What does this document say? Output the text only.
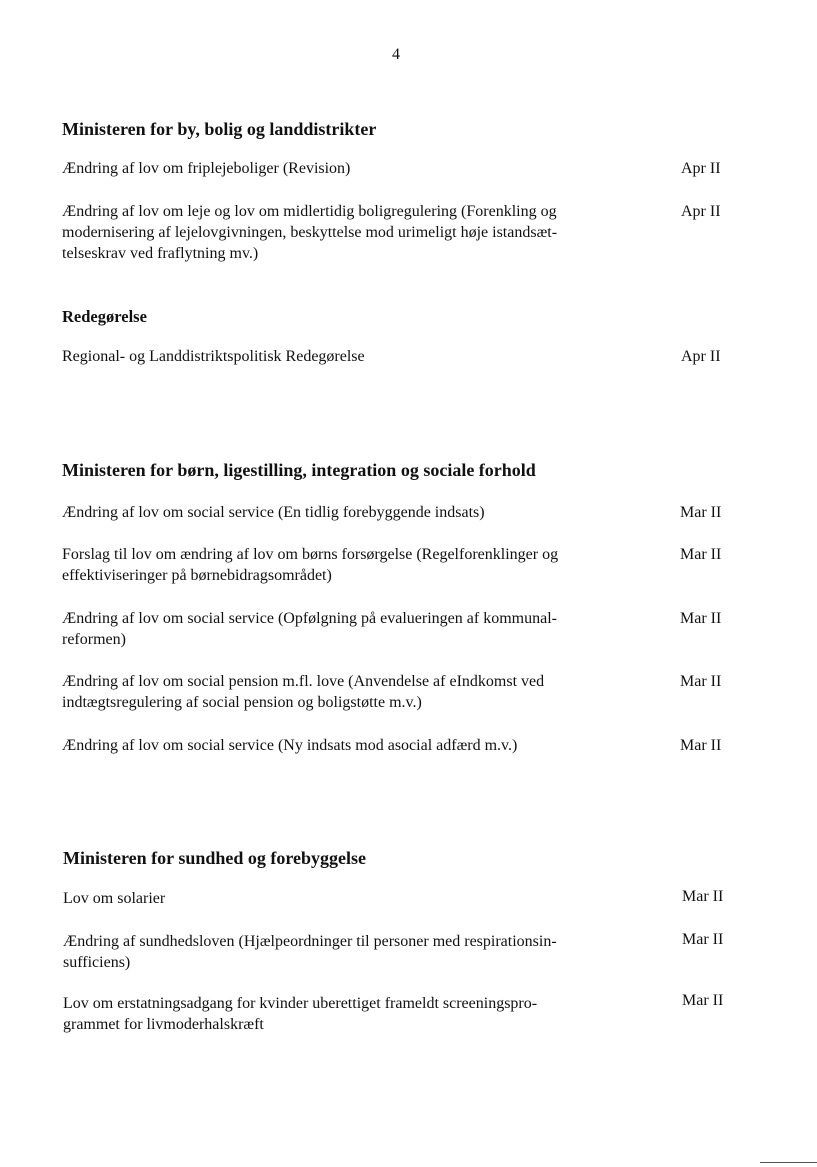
4
Ministeren for by, bolig og landdistrikter
Ændring af lov om friplejeboliger (Revision)	Apr II
Ændring af lov om leje og lov om midlertidig boligregulering (Forenkling og
modernisering af lejelovgivningen, beskyttelse mod urimeligt høje istandsæt-
telseskrav ved fraflytning mv.)
Apr II
Redegørelse
Regional- og Landdistriktspolitisk Redegørelse	Apr II
Ministeren for børn, ligestilling, integration og sociale forhold
Ændring af lov om social service (En tidlig forebyggende indsats)	Mar II
Forslag til lov om ændring af lov om børns forsørgelse (Regelforenklinger og
effektiviseringer på børnebidragsområdet)
Mar II
Ændring af lov om social service (Opfølgning på evalueringen af kommunal-
reformen)
Mar II
Ændring af lov om social pension m.fl. love (Anvendelse af eIndkomst ved
indtægtsregulering af social pension og boligstøtte m.v.)
Mar II
Ændring af lov om social service (Ny indsats mod asocial adfærd m.v.)	Mar II
Ministeren for sundhed og forebyggelse
Lov om solarier	Mar II
Ændring af sundhedsloven (Hjælpeordninger til personer med respirationsin-
sufficiens)
Mar II
Lov om erstatningsadgang for kvinder uberettiget frameldt screeningspro-
grammet for livmoderhalskræft
Mar II
